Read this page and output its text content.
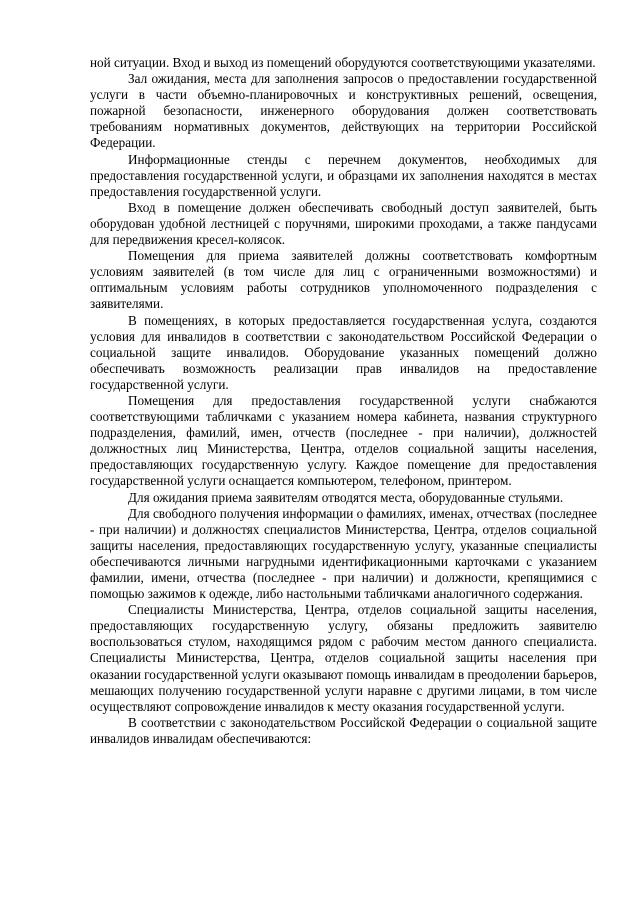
ной ситуации. Вход и выход из помещений оборудуются соответствующими указателями.

Зал ожидания, места для заполнения запросов о предоставлении государственной услуги в части объемно-планировочных и конструктивных решений, освещения, пожарной безопасности, инженерного оборудования должен соответствовать требованиям нормативных документов, действующих на территории Российской Федерации.

Информационные стенды с перечнем документов, необходимых для предоставления государственной услуги, и образцами их заполнения находятся в местах предоставления государственной услуги.

Вход в помещение должен обеспечивать свободный доступ заявителей, быть оборудован удобной лестницей с поручнями, широкими проходами, а также пандусами для передвижения кресел-колясок.

Помещения для приема заявителей должны соответствовать комфортным условиям заявителей (в том числе для лиц с ограниченными возможностями) и оптимальным условиям работы сотрудников уполномоченного подразделения с заявителями.

В помещениях, в которых предоставляется государственная услуга, создаются условия для инвалидов в соответствии с законодательством Российской Федерации о социальной защите инвалидов. Оборудование указанных помещений должно обеспечивать возможность реализации прав инвалидов на предоставление государственной услуги.

Помещения для предоставления государственной услуги снабжаются соответствующими табличками с указанием номера кабинета, названия структурного подразделения, фамилий, имен, отчеств (последнее - при наличии), должностей должностных лиц Министерства, Центра, отделов социальной защиты населения, предоставляющих государственную услугу. Каждое помещение для предоставления государственной услуги оснащается компьютером, телефоном, принтером.

Для ожидания приема заявителям отводятся места, оборудованные стульями.

Для свободного получения информации о фамилиях, именах, отчествах (последнее - при наличии) и должностях специалистов Министерства, Центра, отделов социальной защиты населения, предоставляющих государственную услугу, указанные специалисты обеспечиваются личными нагрудными идентификационными карточками с указанием фамилии, имени, отчества (последнее - при наличии) и должности, крепящимися с помощью зажимов к одежде, либо настольными табличками аналогичного содержания.

Специалисты Министерства, Центра, отделов социальной защиты населения, предоставляющих государственную услугу, обязаны предложить заявителю воспользоваться стулом, находящимся рядом с рабочим местом данного специалиста. Специалисты Министерства, Центра, отделов социальной защиты населения при оказании государственной услуги оказывают помощь инвалидам в преодолении барьеров, мешающих получению государственной услуги наравне с другими лицами, в том числе осуществляют сопровождение инвалидов к месту оказания государственной услуги.

В соответствии с законодательством Российской Федерации о социальной защите инвалидов инвалидам обеспечиваются:
